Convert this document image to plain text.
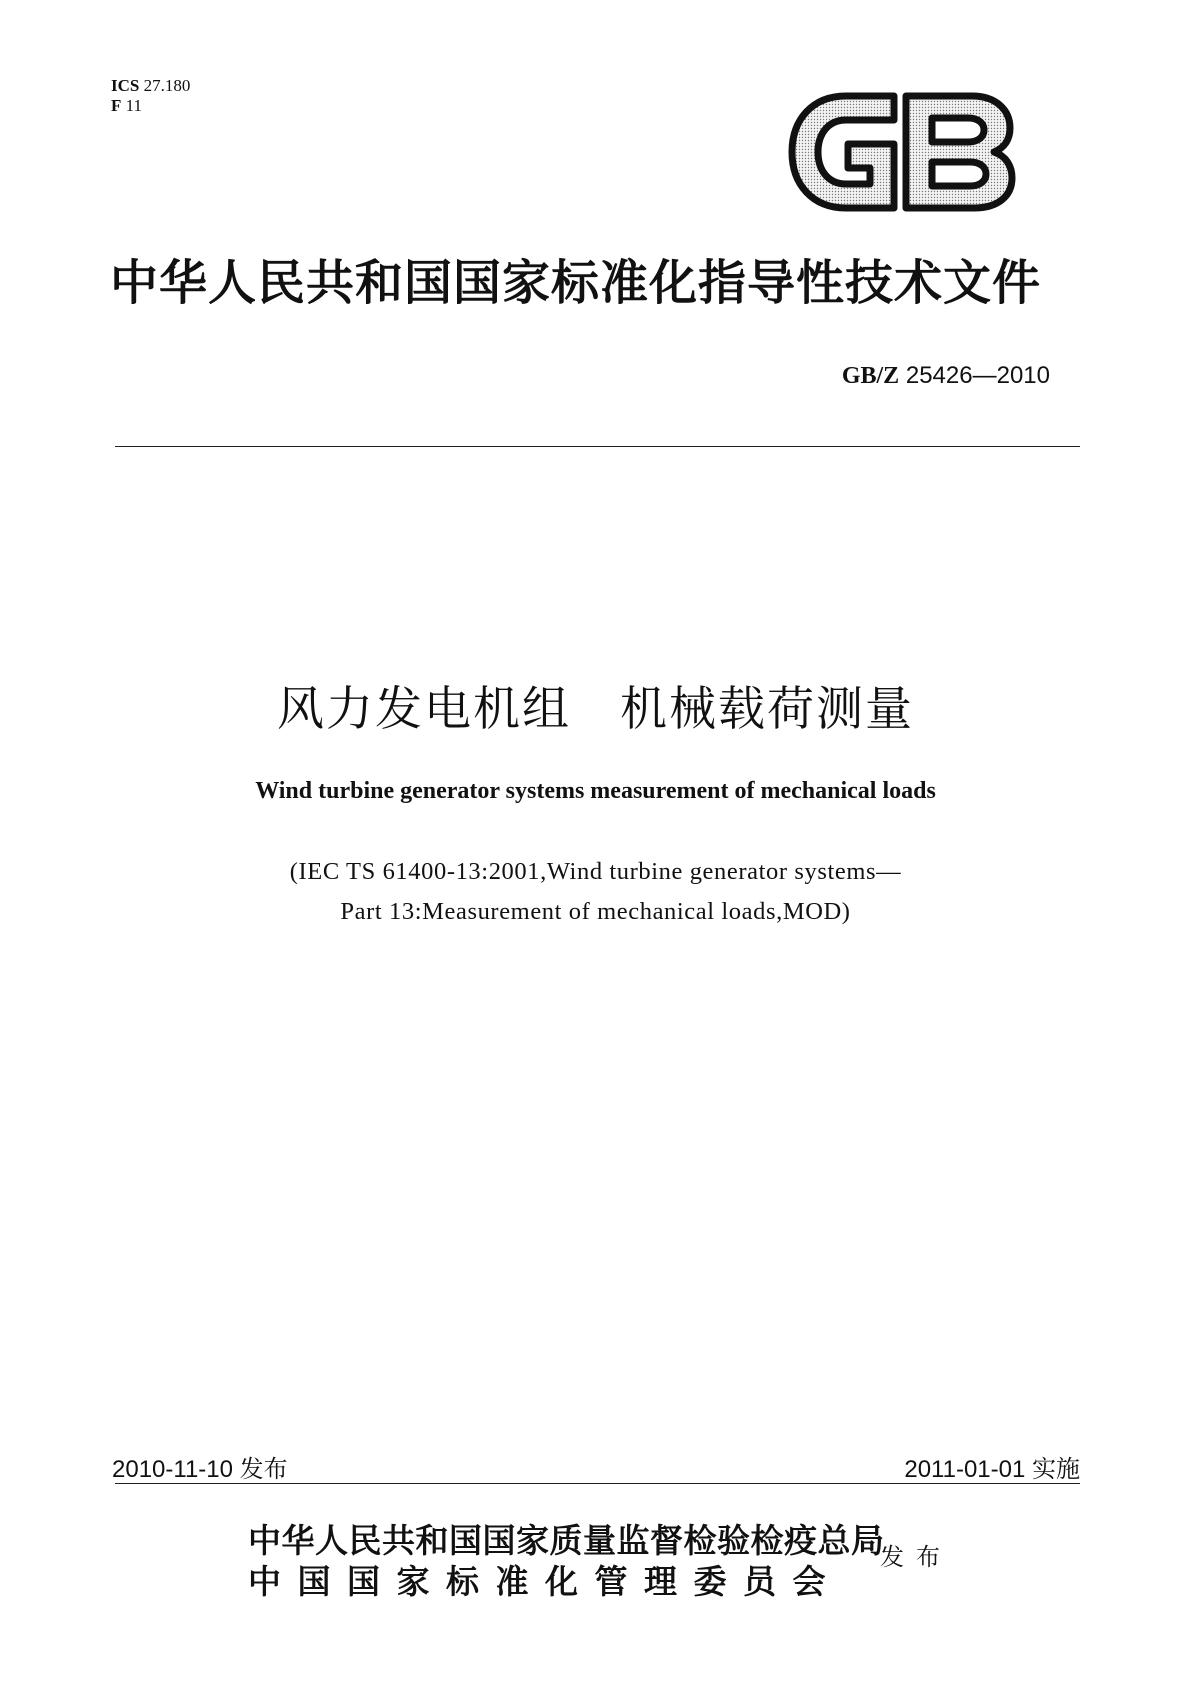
ICS 27.180
F 11
中华人民共和国国家标准化指导性技术文件
GB/Z 25426—2010
风力发电机组　机械载荷测量
Wind turbine generator systems measurement of mechanical loads
(IEC TS 61400-13:2001,Wind turbine generator systems—
Part 13:Measurement of mechanical loads,MOD)
2010-11-10 发布	2011-01-01 实施
中华人民共和国国家质量监督检验检疫总局
中国国家标准化管理委员会
发布
